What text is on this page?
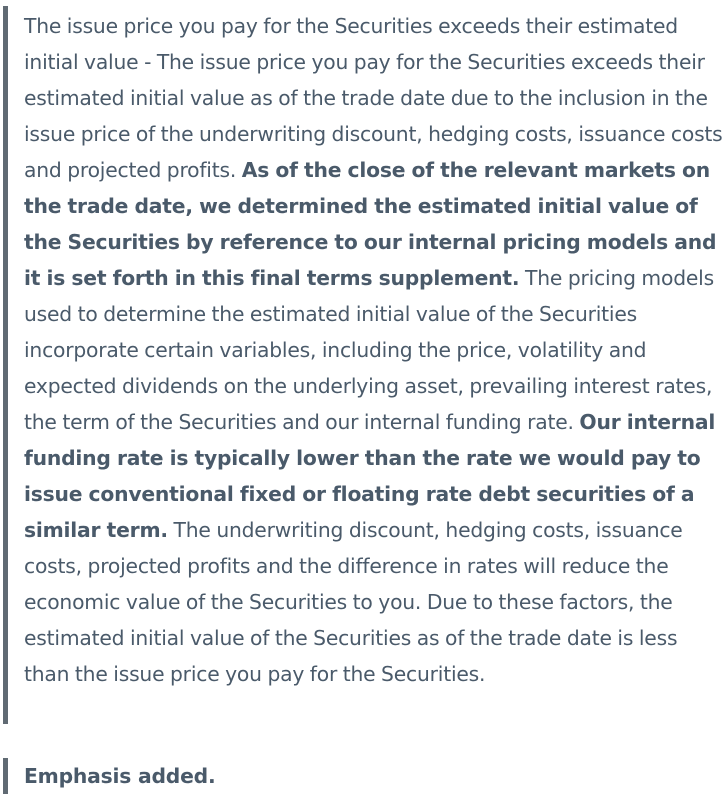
The issue price you pay for the Securities exceeds their estimated initial value - The issue price you pay for the Securities exceeds their estimated initial value as of the trade date due to the inclusion in the issue price of the underwriting discount, hedging costs, issuance costs and projected profits. As of the close of the relevant markets on the trade date, we determined the estimated initial value of the Securities by reference to our internal pricing models and it is set forth in this final terms supplement. The pricing models used to determine the estimated initial value of the Securities incorporate certain variables, including the price, volatility and expected dividends on the underlying asset, prevailing interest rates, the term of the Securities and our internal funding rate. Our internal funding rate is typically lower than the rate we would pay to issue conventional fixed or floating rate debt securities of a similar term. The underwriting discount, hedging costs, issuance costs, projected profits and the difference in rates will reduce the economic value of the Securities to you. Due to these factors, the estimated initial value of the Securities as of the trade date is less than the issue price you pay for the Securities.

Emphasis added.
